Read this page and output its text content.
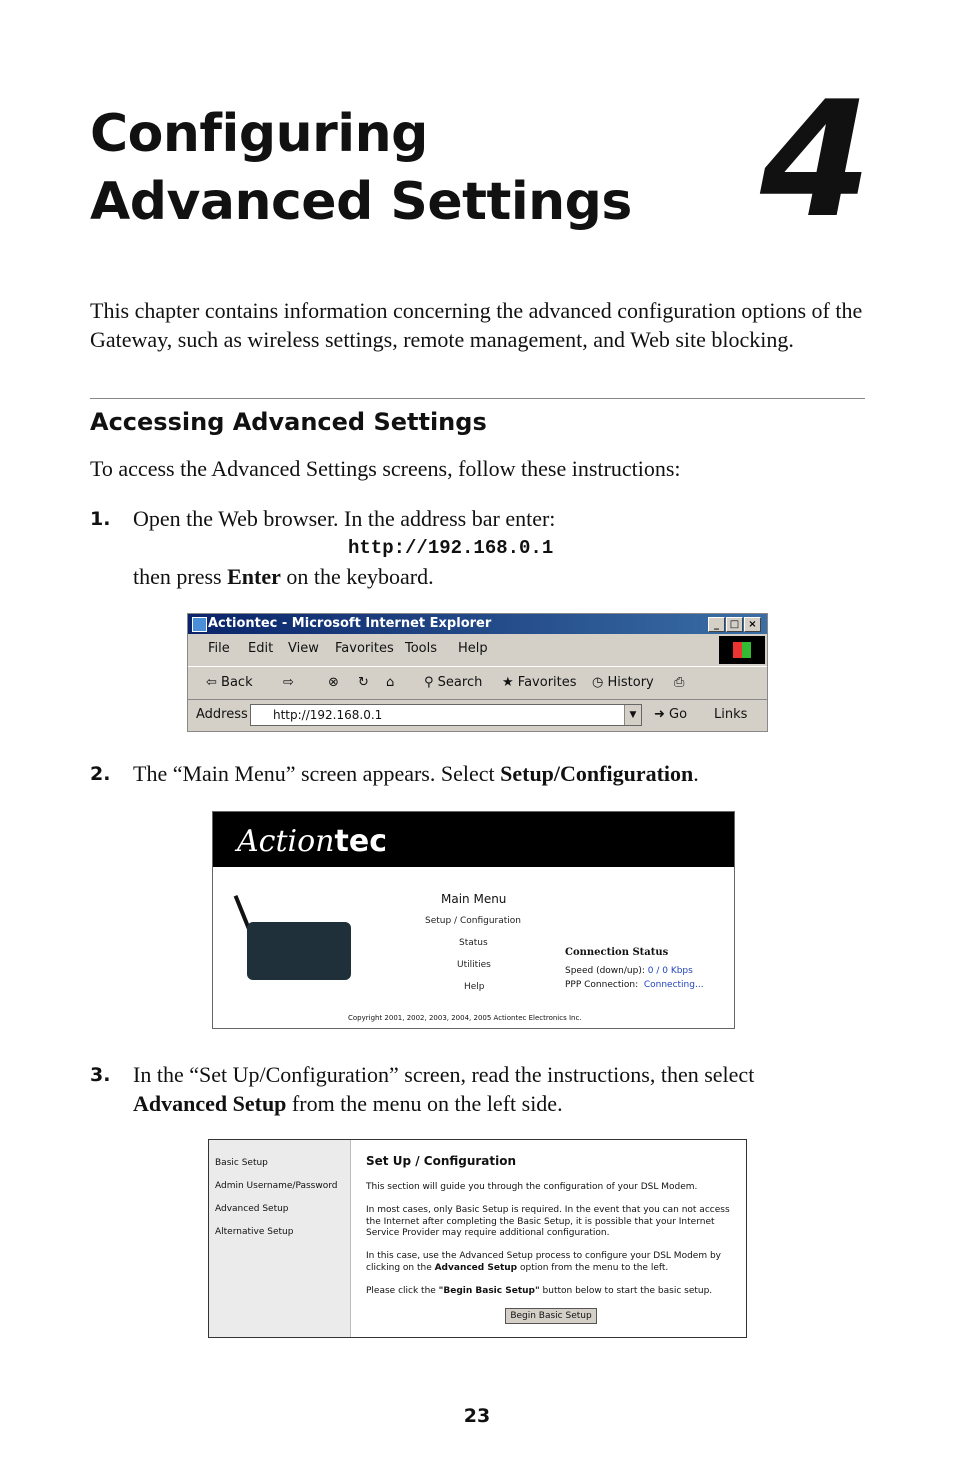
Configuring
Advanced Settings 4
This chapter contains information concerning the advanced configuration options of the Gateway, such as wireless settings, remote management, and Web site blocking.
Accessing Advanced Settings
To access the Advanced Settings screens, follow these instructions:
1. Open the Web browser. In the address bar enter:
http://192.168.0.1
then press Enter on the keyboard.
Actiontec - Microsoft Internet Explorer	_	□ ×
File Edit View Favorites Tools Help
⇦ Back ⇨	⊗ ↻ ⌂ ⚲ Search ★ Favorites ◷ History ⎙
Address http://192.168.0.1	▼	➜ Go Links
2. The “Main Menu” screen appears. Select Setup/Configuration.
Actiontec
Main Menu
Setup / Configuration
Status
Utilities
Help
Connection Status
Speed (down/up): 0 / 0 Kbps
PPP Connection: Connecting...
Copyright 2001, 2002, 2003, 2004, 2005 Actiontec Electronics Inc.
3. In the “Set Up/Configuration” screen, read the instructions, then select
Advanced Setup from the menu on the left side.
Basic Setup
Admin Username/Password
Advanced Setup
Alternative Setup
Set Up / Configuration
This section will guide you through the configuration of your DSL Modem.
In most cases, only Basic Setup is required. In the event that you can not access the Internet after completing the Basic Setup, it is possible that your Internet Service Provider may require additional configuration.
In this case, use the Advanced Setup process to configure your DSL Modem by clicking on the Advanced Setup option from the menu to the left.
Please click the "Begin Basic Setup" button below to start the basic setup.
Begin Basic Setup
23
